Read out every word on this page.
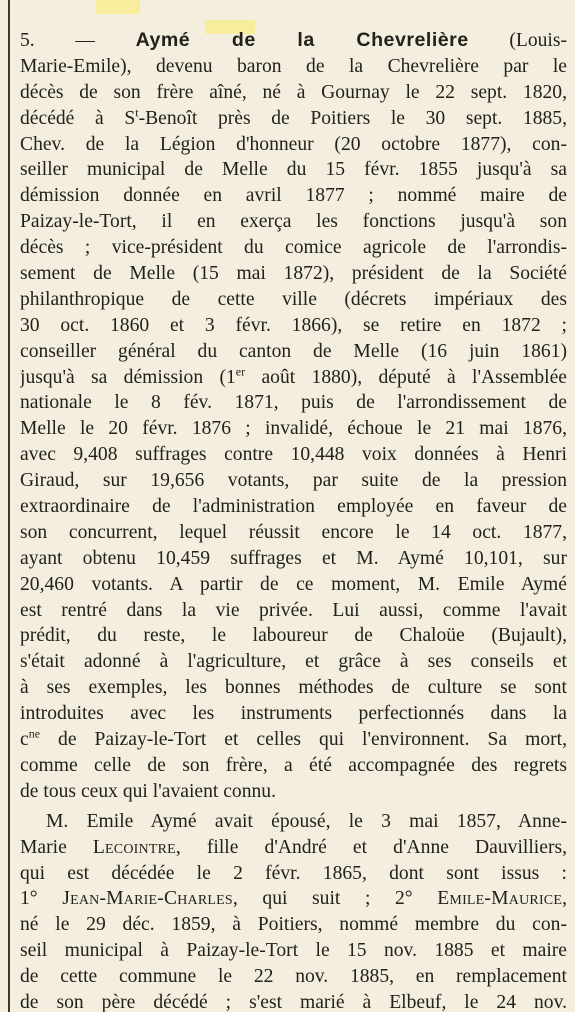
5. — Aymé de la Chevrelière (Louis-
Marie-Emile), devenu baron de la Chevrelière par le
décès de son frère aîné, né à Gournay le 22 sept. 1820,
décédé à $S^t$-Benoît près de Poitiers le 30 sept. 1885,
Chev. de la Légion d'honneur (20 octobre 1877), con-
seiller municipal de Melle du 15 févr. 1855 jusqu'à sa
démission donnée en avril 1877 ; nommé maire de
Paizay-le-Tort, il en exerça les fonctions jusqu'à son
décès ; vice-président du comice agricole de l'arrondis-
sement de Melle (15 mai 1872), président de la Société
philanthropique de cette ville (décrets impériaux des
30 oct. 1860 et 3 févr. 1866), se retire en 1872 ;
conseiller général du canton de Melle (16 juin 1861)
jusqu'à sa démission (1er août 1880), député à l'Assemblée
nationale le 8 fév. 1871, puis de l'arrondissement de
Melle le 20 févr. 1876 ; invalidé, échoue le 21 mai 1876,
avec 9,408 suffrages contre 10,448 voix données à Henri
Giraud, sur 19,656 votants, par suite de la pression
extraordinaire de l'administration employée en faveur de
son concurrent, lequel réussit encore le 14 oct. 1877,
ayant obtenu 10,459 suffrages et M. Aymé 10,101, sur
20,460 votants. A partir de ce moment, M. Emile Aymé
est rentré dans la vie privée. Lui aussi, comme l'avait
prédit, du reste, le laboureur de Chaloüe (Bujault),
s'était adonné à l'agriculture, et grâce à ses conseils et
à ses exemples, les bonnes méthodes de culture se sont
introduites avec les instruments perfectionnés dans la
$c^{ne}$ de Paizay-le-Tort et celles qui l'environnent. Sa mort,
comme celle de son frère, a été accompagnée des regrets
de tous ceux qui l'avaient connu.
M. Emile Aymé avait épousé, le 3 mai 1857, Anne-
Marie Lecointre, fille d'André et d'Anne Dauvilliers,
qui est décédée le 2 févr. 1865, dont sont issus :
1° Jean-Marie-Charles, qui suit ; 2° Emile-Maurice,
né le 29 déc. 1859, à Poitiers, nommé membre du con-
seil municipal à Paizay-le-Tort le 15 nov. 1885 et maire
de cette commune le 22 nov. 1885, en remplacement
de son père décédé ; s'est marié à Elbeuf, le 24 nov.
